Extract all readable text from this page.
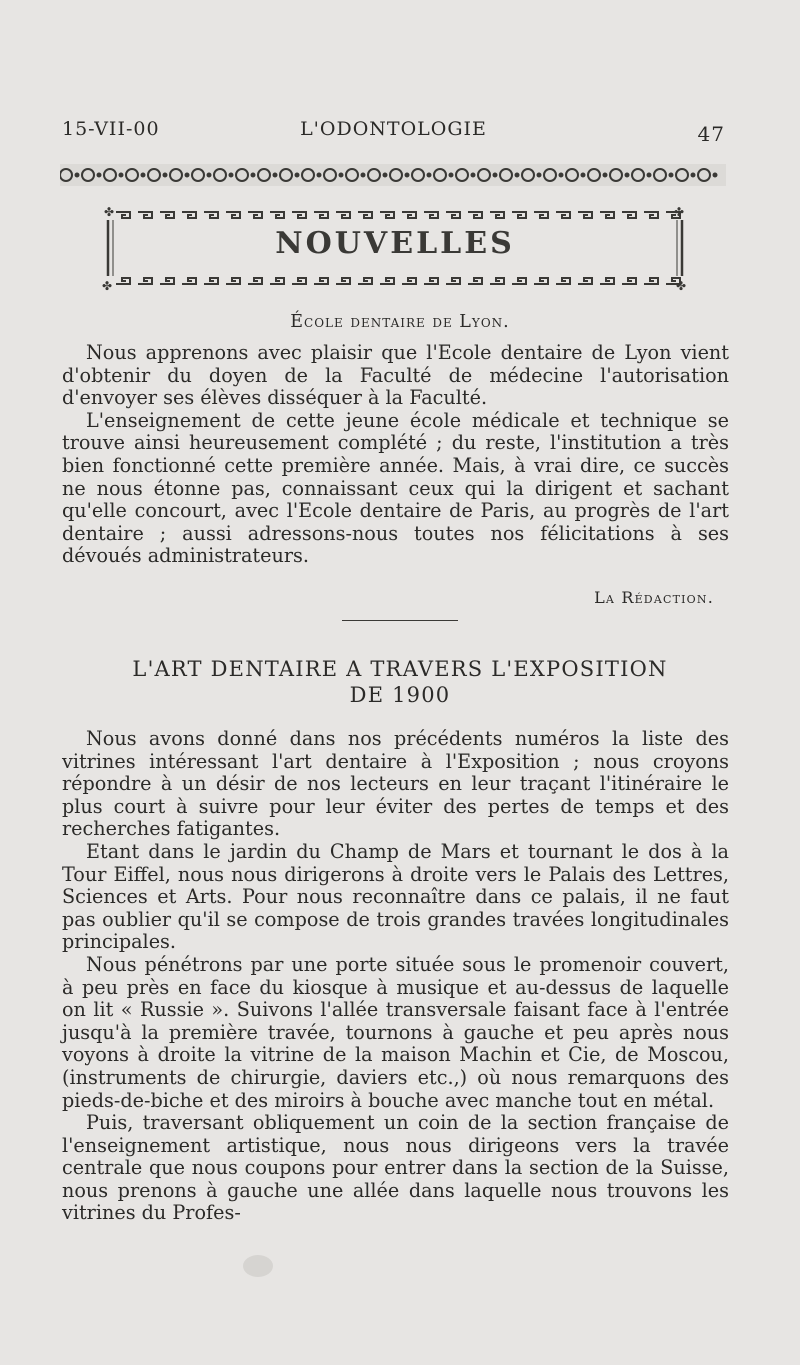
15-VII-00	L'ODONTOLOGIE	47
✤	✤
✤	✤
NOUVELLES
École dentaire de Lyon.

Nous apprenons avec plaisir que l'Ecole dentaire de Lyon vient d'obtenir du doyen de la Faculté de médecine l'autorisation d'envoyer ses élèves disséquer à la Faculté.

L'enseignement de cette jeune école médicale et technique se trouve ainsi heureusement complété ; du reste, l'institution a très bien fonctionné cette première année. Mais, à vrai dire, ce succès ne nous étonne pas, connaissant ceux qui la dirigent et sachant qu'elle concourt, avec l'Ecole dentaire de Paris, au progrès de l'art dentaire ; aussi adressons-nous toutes nos félicitations à ses dévoués administrateurs.

La Rédaction.
L'ART DENTAIRE A TRAVERS L'EXPOSITION
DE 1900

Nous avons donné dans nos précédents numéros la liste des vitrines intéressant l'art dentaire à l'Exposition ; nous croyons répondre à un désir de nos lecteurs en leur traçant l'itinéraire le plus court à suivre pour leur éviter des pertes de temps et des recherches fatigantes.

Etant dans le jardin du Champ de Mars et tournant le dos à la Tour Eiffel, nous nous dirigerons à droite vers le Palais des Lettres, Sciences et Arts. Pour nous reconnaître dans ce palais, il ne faut pas oublier qu'il se compose de trois grandes travées longitudinales principales.

Nous pénétrons par une porte située sous le promenoir couvert, à peu près en face du kiosque à musique et au-dessus de laquelle on lit « Russie ». Suivons l'allée transversale faisant face à l'entrée jusqu'à la première travée, tournons à gauche et peu après nous voyons à droite la vitrine de la maison Machin et Cie, de Moscou, (instruments de chirurgie, daviers etc.,) où nous remarquons des pieds-de-biche et des miroirs à bouche avec manche tout en métal.

Puis, traversant obliquement un coin de la section française de l'enseignement artistique, nous nous dirigeons vers la travée centrale que nous coupons pour entrer dans la section de la Suisse, nous prenons à gauche une allée dans laquelle nous trouvons les vitrines du Profes-
